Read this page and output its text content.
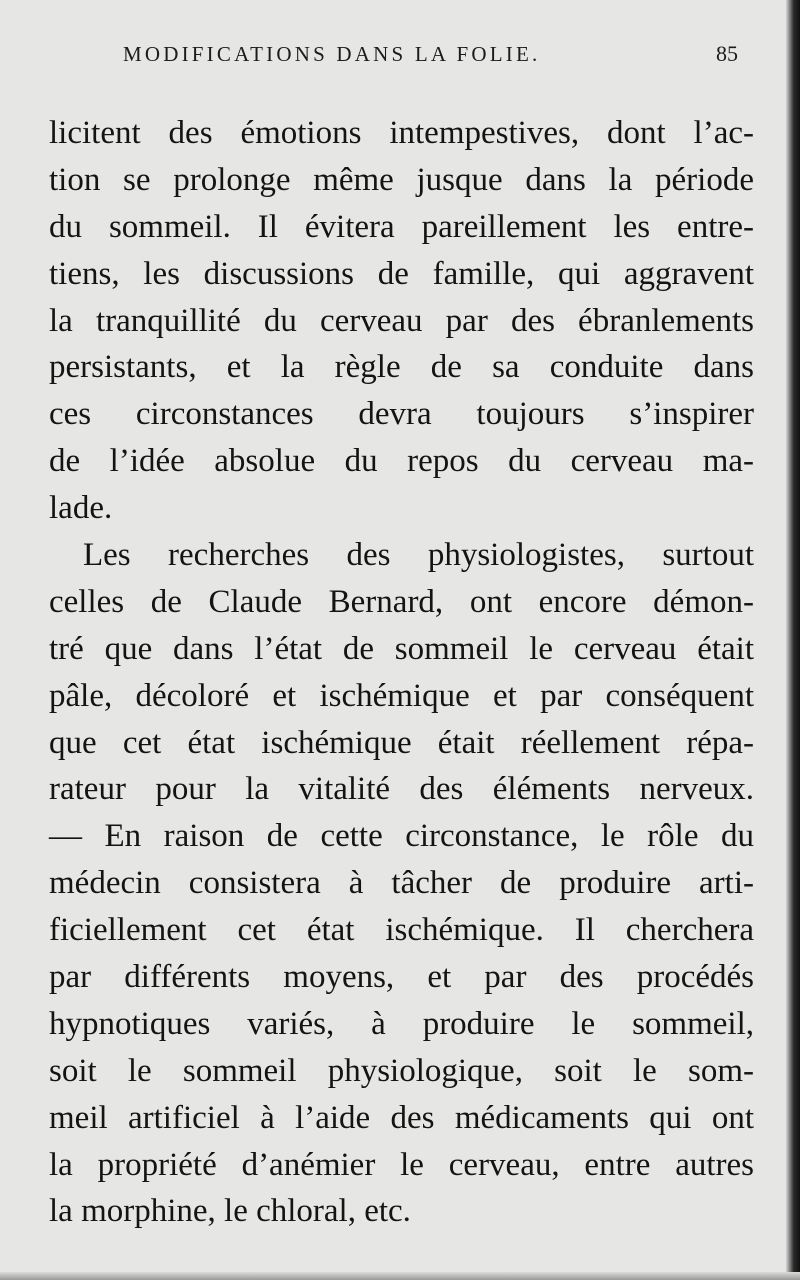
MODIFICATIONS DANS LA FOLIE.	85
licitent des émotions intempestives, dont l’ac-
tion se prolonge même jusque dans la période
du sommeil. Il évitera pareillement les entre-
tiens, les discussions de famille, qui aggravent
la tranquillité du cerveau par des ébranlements
persistants, et la règle de sa conduite dans
ces circonstances devra toujours s’inspirer
de l’idée absolue du repos du cerveau ma-
lade.
Les recherches des physiologistes, surtout
celles de Claude Bernard, ont encore démon-
tré que dans l’état de sommeil le cerveau était
pâle, décoloré et ischémique et par conséquent
que cet état ischémique était réellement répa-
rateur pour la vitalité des éléments nerveux.
— En raison de cette circonstance, le rôle du
médecin consistera à tâcher de produire arti-
ficiellement cet état ischémique. Il cherchera
par différents moyens, et par des procédés
hypnotiques variés, à produire le sommeil,
soit le sommeil physiologique, soit le som-
meil artificiel à l’aide des médicaments qui ont
la propriété d’anémier le cerveau, entre autres
la morphine, le chloral, etc.
